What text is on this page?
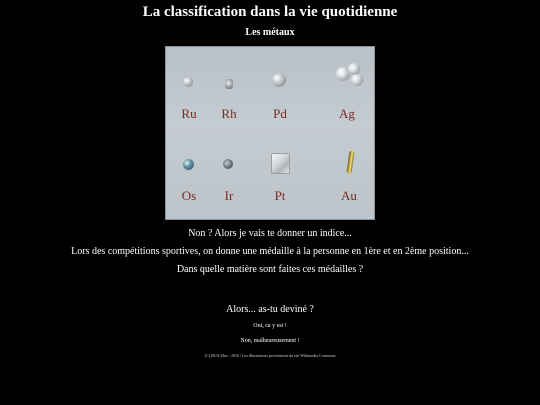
La classification dans la vie quotidienne
Les métaux
Ru	Rh	Pd	Ag
Os	Ir	Pt	Au
Non ? Alors je vais te donner un indice...
Lors des compétitions sportives, on donne une médaille à la personne en 1ère et en 2ème position...
Dans quelle matière sont faites ces médailles ?
Alors... as-tu deviné ?
Oui, ca y est !
Non, malheureusement !
(C) HUA Mao - 2010 / Les illustrations proviennent du site Wikimedia Commons
